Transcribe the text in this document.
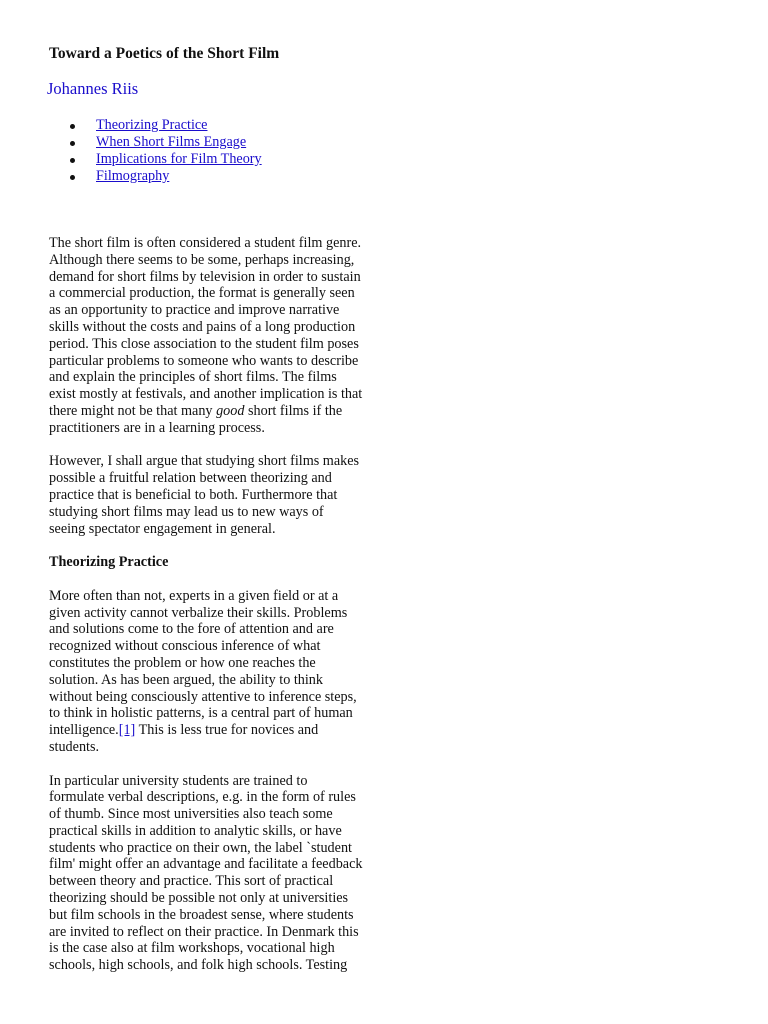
Toward a Poetics of the Short Film
Johannes Riis
Theorizing Practice
When Short Films Engage
Implications for Film Theory
Filmography

The short film is often considered a student film genre.
Although there seems to be some, perhaps increasing,
demand for short films by television in order to sustain
a commercial production, the format is generally seen
as an opportunity to practice and improve narrative
skills without the costs and pains of a long production
period. This close association to the student film poses
particular problems to someone who wants to describe
and explain the principles of short films. The films
exist mostly at festivals, and another implication is that
there might not be that many good short films if the
practitioners are in a learning process.

However, I shall argue that studying short films makes
possible a fruitful relation between theorizing and
practice that is beneficial to both. Furthermore that
studying short films may lead us to new ways of
seeing spectator engagement in general.

Theorizing Practice

More often than not, experts in a given field or at a
given activity cannot verbalize their skills. Problems
and solutions come to the fore of attention and are
recognized without conscious inference of what
constitutes the problem or how one reaches the
solution. As has been argued, the ability to think
without being consciously attentive to inference steps,
to think in holistic patterns, is a central part of human
intelligence.[1] This is less true for novices and
students.

In particular university students are trained to
formulate verbal descriptions, e.g. in the form of rules
of thumb. Since most universities also teach some
practical skills in addition to analytic skills, or have
students who practice on their own, the label `student
film' might offer an advantage and facilitate a feedback
between theory and practice. This sort of practical
theorizing should be possible not only at universities
but film schools in the broadest sense, where students
are invited to reflect on their practice. In Denmark this
is the case also at film workshops, vocational high
schools, high schools, and folk high schools. Testing
